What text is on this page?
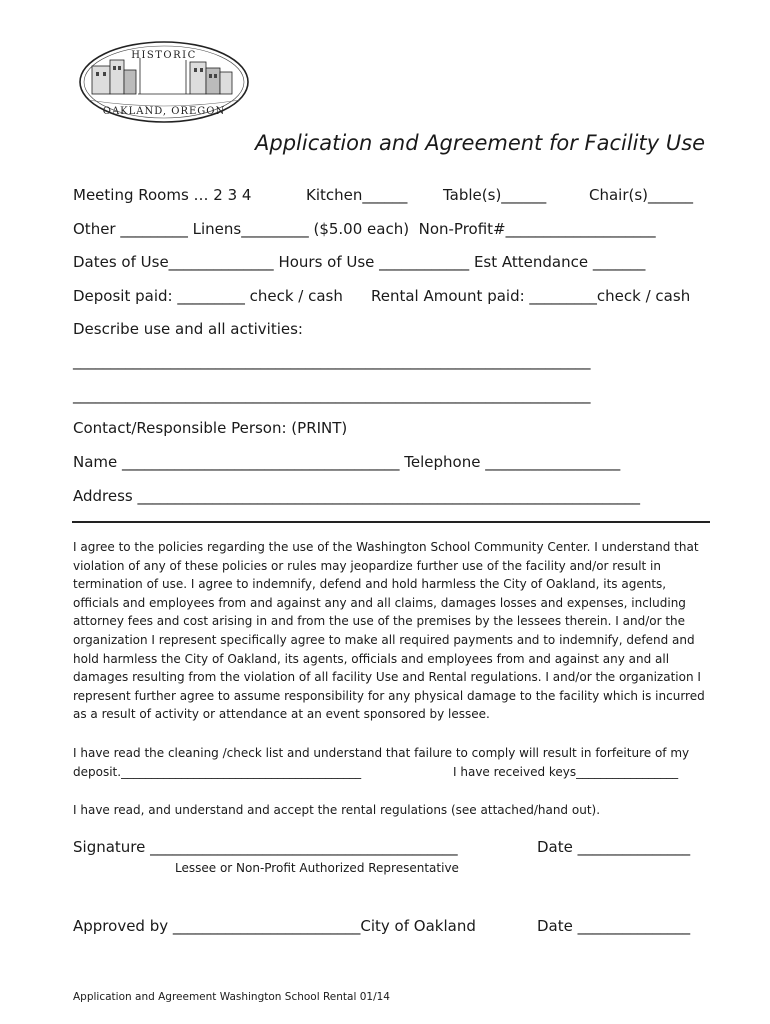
HISTORIC
OAKLAND, OREGON
Application and Agreement for Facility Use
Meeting Rooms … 2 3 4	Kitchen______ Table(s)______	Chair(s)______
Other _________ Linens_________ ($5.00 each)  Non-Profit#____________________
Dates of Use______________ Hours of Use ____________ Est Attendance _______
Deposit paid: _________ check / cash Rental Amount paid: _________check / cash
Describe use and all activities:
_____________________________________________________________________
_____________________________________________________________________
Contact/Responsible Person: (PRINT)
Name _____________________________________ Telephone __________________
Address ___________________________________________________________________
I agree to the policies regarding the use of the Washington School Community Center. I understand that violation of any of these policies or rules may jeopardize further use of the facility and/or result in termination of use. I agree to indemnify, defend and hold harmless the City of Oakland, its agents, officials and employees from and against any and all claims, damages losses and expenses, including attorney fees and cost arising in and from the use of the premises by the lessees therein. I and/or the organization I represent specifically agree to make all required payments and to indemnify, defend and hold harmless the City of Oakland, its agents, officials and employees from and against any and all damages resulting from the violation of all facility Use and Rental regulations. I and/or the organization I represent further agree to assume responsibility for any physical damage to the facility which is incurred as a result of activity or attendance at an event sponsored by lessee.
I have read the cleaning /check list and understand that failure to comply will result in forfeiture of my
deposit.________________________________________	I have received keys_________________
I have read, and understand and accept the rental regulations (see attached/hand out).
Signature _________________________________________	Date _______________
Lessee or Non-Profit Authorized Representative
Approved by _________________________City of Oakland	Date _______________
Application and Agreement Washington School Rental 01/14
